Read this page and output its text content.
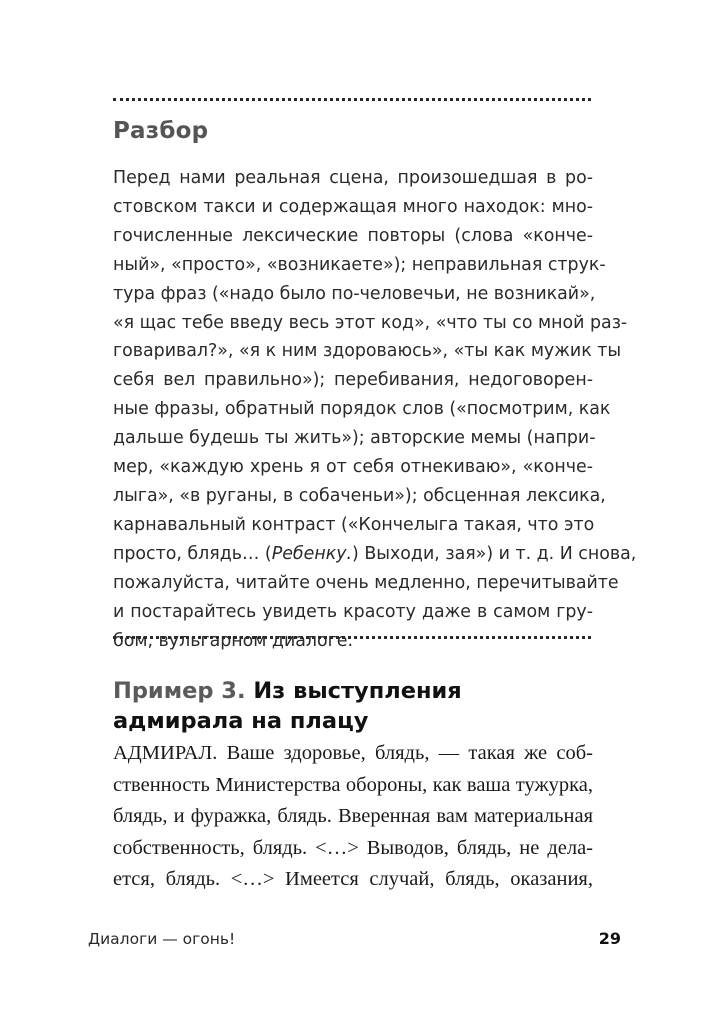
Разбор
Перед нами реальная сцена, произошедшая в ро-
стовском такси и содержащая много находок: мно-
гочисленные лексические повторы (слова «конче-
ный», «просто», «возникаете»); неправильная струк-
тура фраз («надо было по-человечьи, не возникай»,
«я щас тебе введу весь этот код», «что ты со мной раз-
говаривал?», «я к ним здороваюсь», «ты как мужик ты
себя вел правильно»); перебивания, недоговорен-
ные фразы, обратный порядок слов («посмотрим, как
дальше будешь ты жить»); авторские мемы (напри-
мер, «каждую хрень я от себя отнекиваю», «конче-
лыга», «в руганы, в собаченьи»); обсценная лексика,
карнавальный контраст («Кончелыга такая, что это
просто, блядь… (Ребенку.) Выходи, зая») и т. д. И снова,
пожалуйста, читайте очень медленно, перечитывайте
и постарайтесь увидеть красоту даже в самом гру-
бом, вульгарном диалоге.
Пример 3. Из выступления адмирала на плацу
АДМИРАЛ. Ваше здоровье, блядь, — такая же соб-
ственность Министерства обороны, как ваша тужурка,
блядь, и фуражка, блядь. Вверенная вам материальная
собственность, блядь. <…> Выводов, блядь, не дела-
ется, блядь. <…> Имеется случай, блядь, оказания,
Диалоги — огонь!	29
